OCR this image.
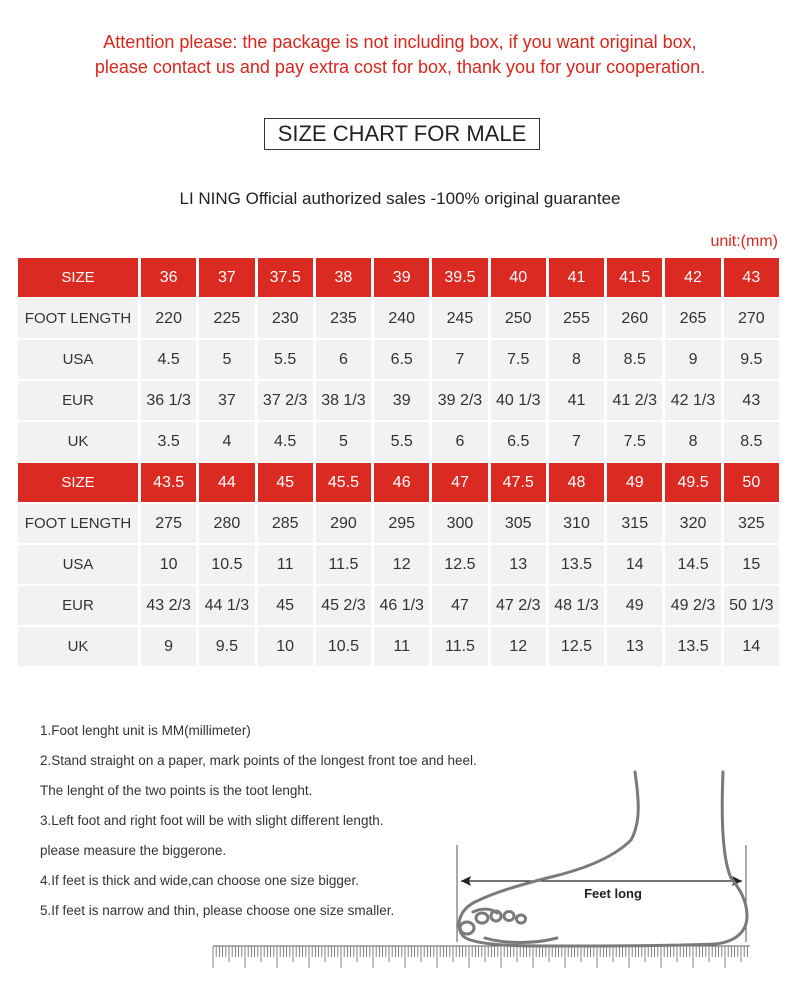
Attention please: the package is not including box, if you want original box,
please contact us and pay extra cost for box, thank you for your cooperation.
SIZE CHART FOR MALE
LI NING Official authorized sales -100% original guarantee
unit:(mm)
SIZE	36	37	37.5	38	39	39.5	40	41	41.5	42	43
FOOT LENGTH	220	225	230	235	240	245	250	255	260	265	270
USA	4.5	5	5.5	6	6.5	7	7.5	8	8.5	9	9.5
EUR	36 1/3	37	37 2/3	38 1/3	39	39 2/3	40 1/3	41	41 2/3	42 1/3	43
UK	3.5	4	4.5	5	5.5	6	6.5	7	7.5	8	8.5
SIZE	43.5	44	45	45.5	46	47	47.5	48	49	49.5	50
FOOT LENGTH	275	280	285	290	295	300	305	310	315	320	325
USA	10	10.5	11	11.5	12	12.5	13	13.5	14	14.5	15
EUR	43 2/3	44 1/3	45	45 2/3	46 1/3	47	47 2/3	48 1/3	49	49 2/3	50 1/3
UK	9	9.5	10	10.5	11	11.5	12	12.5	13	13.5	14
1.Foot lenght unit is MM(millimeter)
2.Stand straight on a paper, mark points of the longest front toe and heel.
The lenght of the two points is the toot lenght.
3.Left foot and right foot will be with slight different length.
please measure the biggerone.
4.If feet is thick and wide,can choose one size bigger.
5.If feet is narrow and thin, please choose one size smaller.
Feet long
